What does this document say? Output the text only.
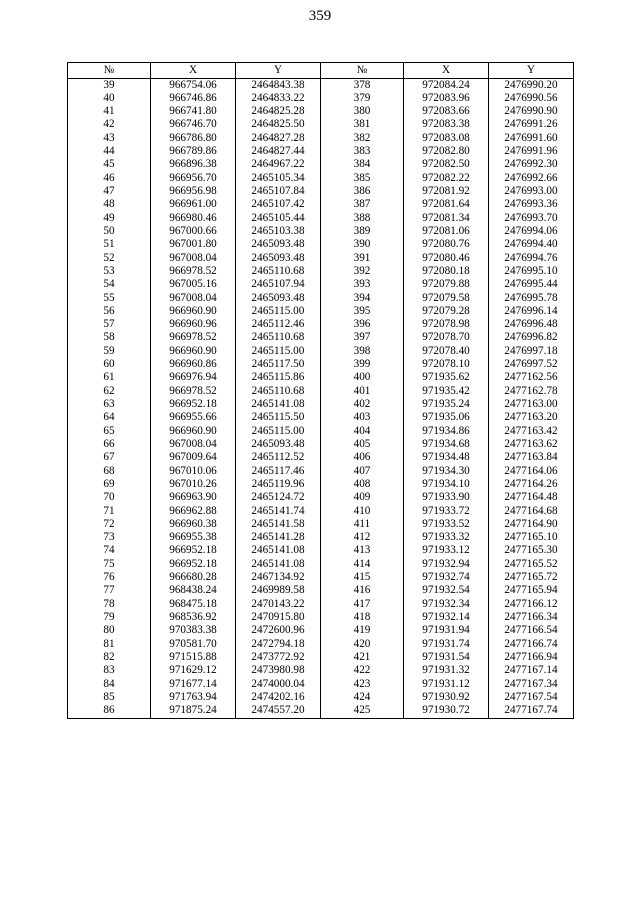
359
№	X	Y	№	X	Y
39	966754.06	2464843.38	378	972084.24	2476990.20
40	966746.86	2464833.22	379	972083.96	2476990.56
41	966741.80	2464825.28	380	972083.66	2476990.90
42	966746.70	2464825.50	381	972083.38	2476991.26
43	966786.80	2464827.28	382	972083.08	2476991.60
44	966789.86	2464827.44	383	972082.80	2476991.96
45	966896.38	2464967.22	384	972082.50	2476992.30
46	966956.70	2465105.34	385	972082.22	2476992.66
47	966956.98	2465107.84	386	972081.92	2476993.00
48	966961.00	2465107.42	387	972081.64	2476993.36
49	966980.46	2465105.44	388	972081.34	2476993.70
50	967000.66	2465103.38	389	972081.06	2476994.06
51	967001.80	2465093.48	390	972080.76	2476994.40
52	967008.04	2465093.48	391	972080.46	2476994.76
53	966978.52	2465110.68	392	972080.18	2476995.10
54	967005.16	2465107.94	393	972079.88	2476995.44
55	967008.04	2465093.48	394	972079.58	2476995.78
56	966960.90	2465115.00	395	972079.28	2476996.14
57	966960.96	2465112.46	396	972078.98	2476996.48
58	966978.52	2465110.68	397	972078.70	2476996.82
59	966960.90	2465115.00	398	972078.40	2476997.18
60	966960.86	2465117.50	399	972078.10	2476997.52
61	966976.94	2465115.86	400	971935.62	2477162.56
62	966978.52	2465110.68	401	971935.42	2477162.78
63	966952.18	2465141.08	402	971935.24	2477163.00
64	966955.66	2465115.50	403	971935.06	2477163.20
65	966960.90	2465115.00	404	971934.86	2477163.42
66	967008.04	2465093.48	405	971934.68	2477163.62
67	967009.64	2465112.52	406	971934.48	2477163.84
68	967010.06	2465117.46	407	971934.30	2477164.06
69	967010.26	2465119.96	408	971934.10	2477164.26
70	966963.90	2465124.72	409	971933.90	2477164.48
71	966962.88	2465141.74	410	971933.72	2477164.68
72	966960.38	2465141.58	411	971933.52	2477164.90
73	966955.38	2465141.28	412	971933.32	2477165.10
74	966952.18	2465141.08	413	971933.12	2477165.30
75	966952.18	2465141.08	414	971932.94	2477165.52
76	966680.28	2467134.92	415	971932.74	2477165.72
77	968438.24	2469989.58	416	971932.54	2477165.94
78	968475.18	2470143.22	417	971932.34	2477166.12
79	968536.92	2470915.80	418	971932.14	2477166.34
80	970383.38	2472600.96	419	971931.94	2477166.54
81	970581.70	2472794.18	420	971931.74	2477166.74
82	971515.88	2473772.92	421	971931.54	2477166.94
83	971629.12	2473980.98	422	971931.32	2477167.14
84	971677.14	2474000.04	423	971931.12	2477167.34
85	971763.94	2474202.16	424	971930.92	2477167.54
86	971875.24	2474557.20	425	971930.72	2477167.74
